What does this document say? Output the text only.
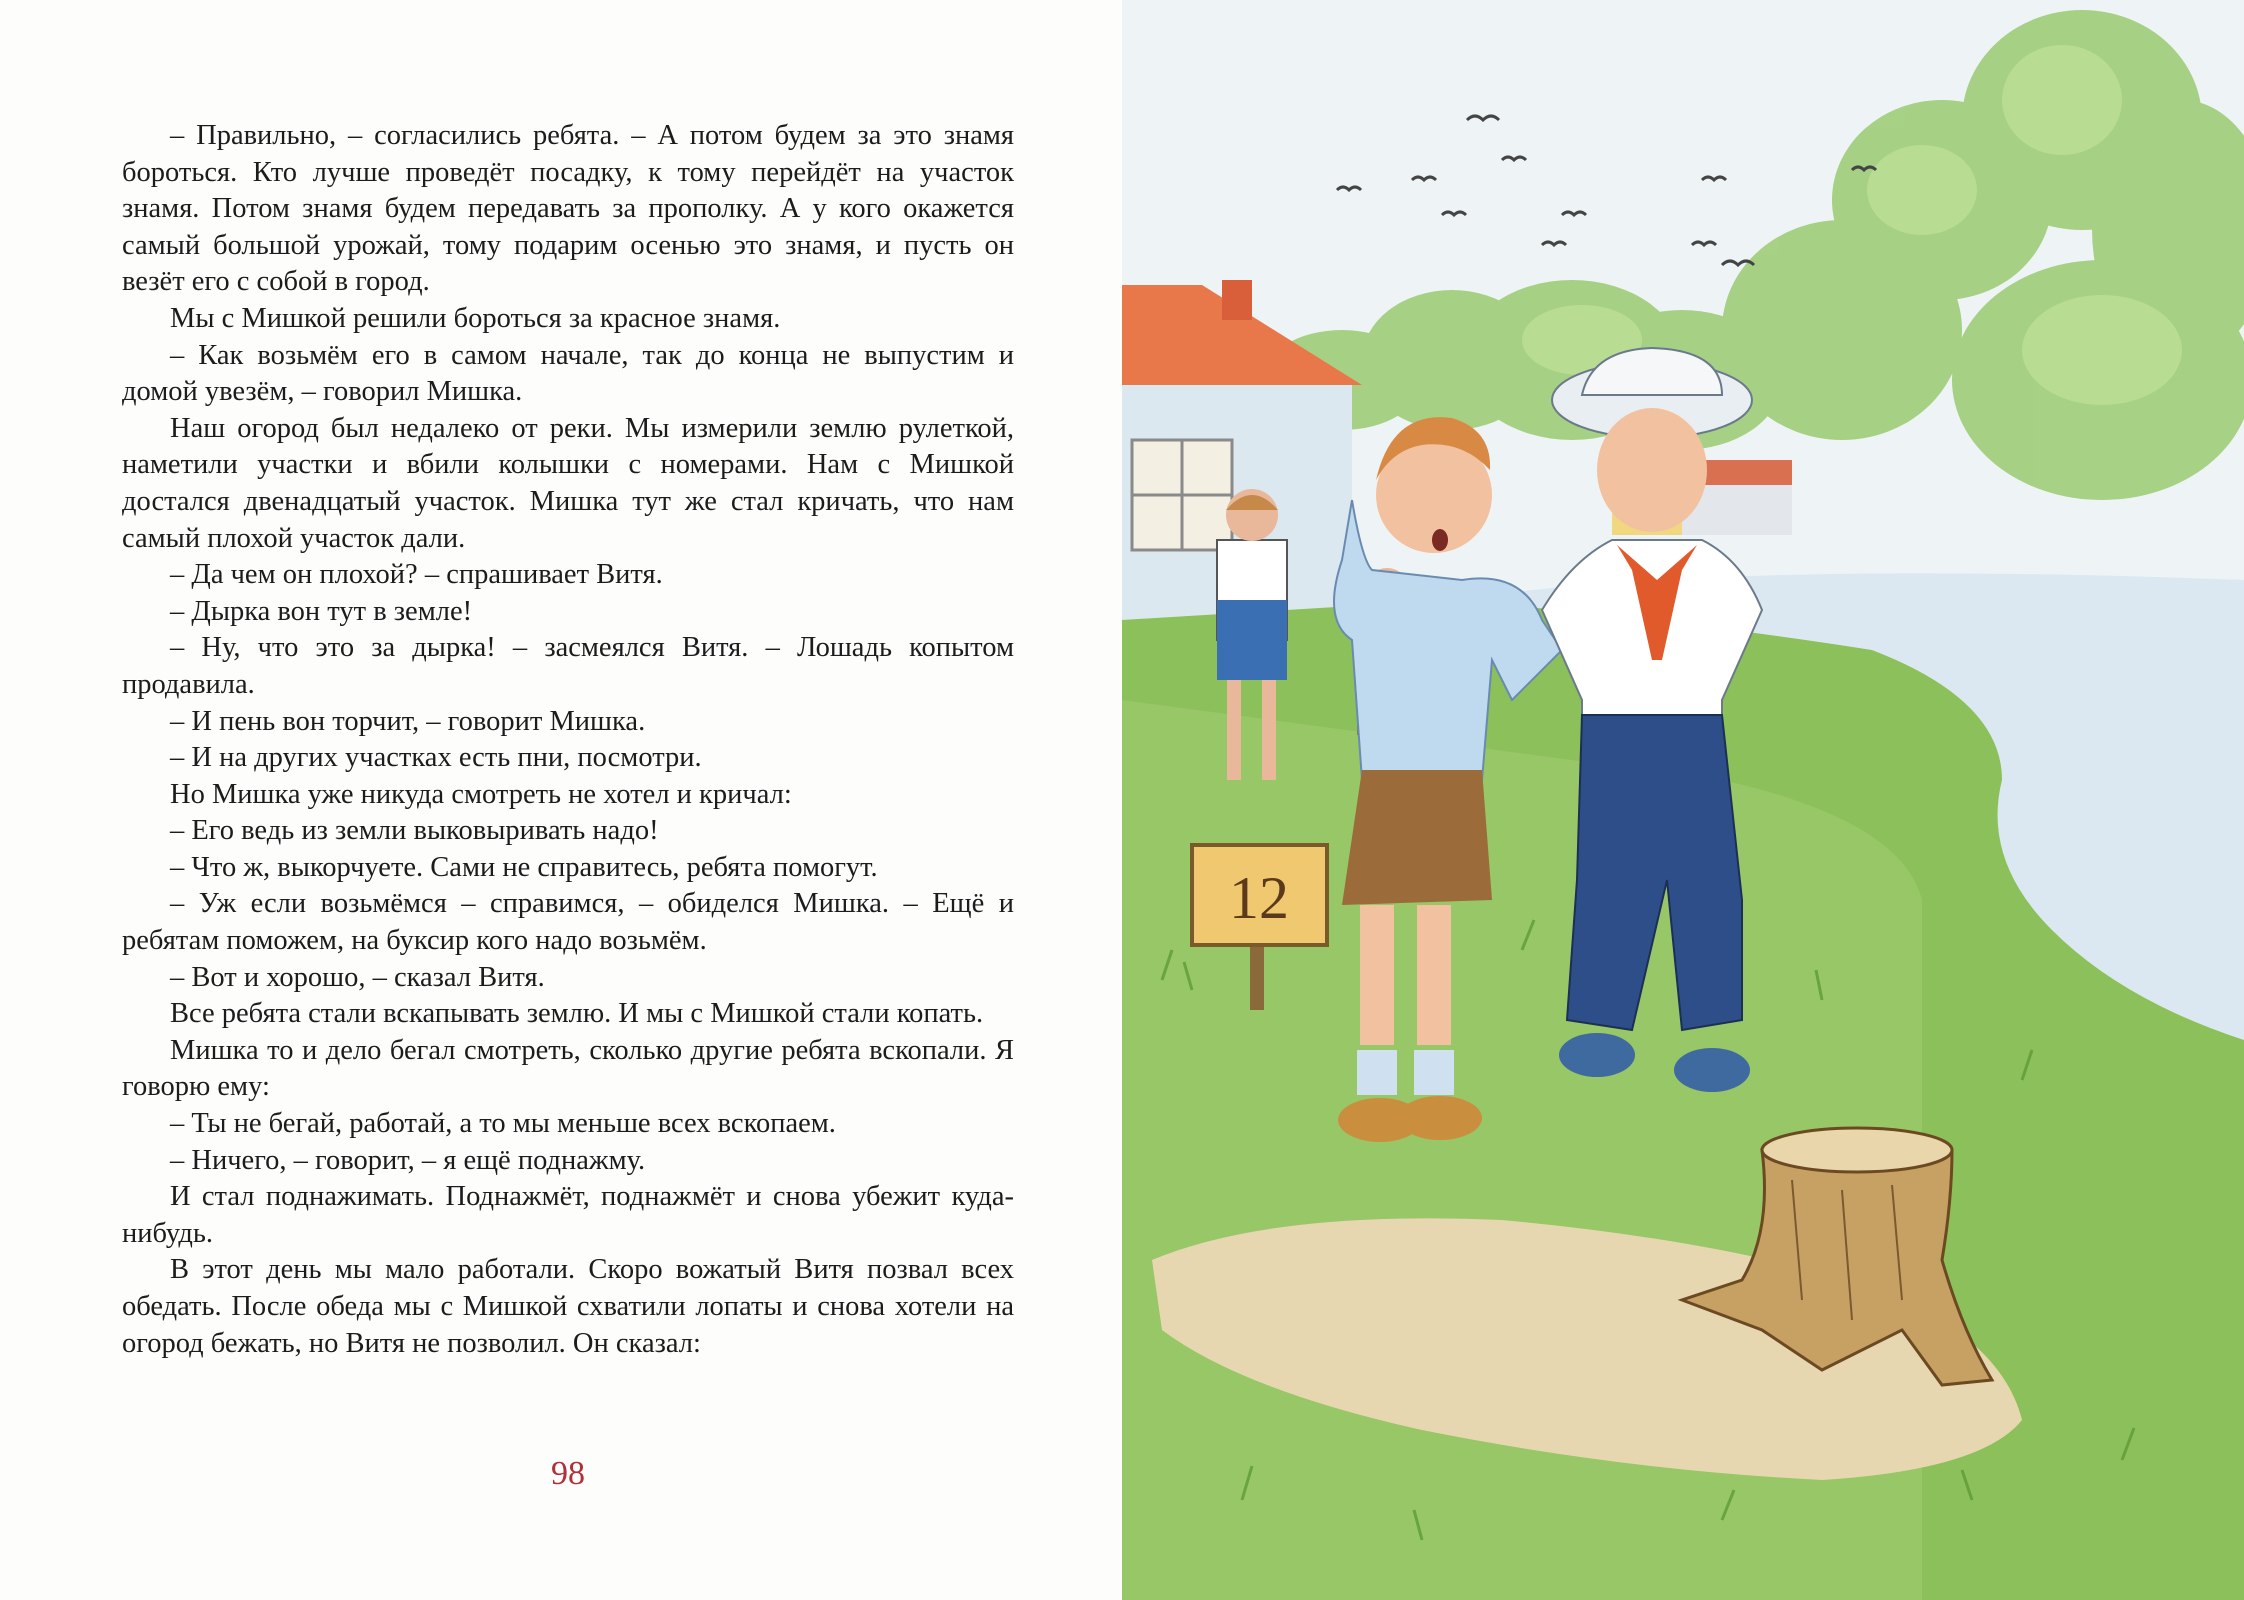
– Правильно, – согласились ребята. – А потом будем за это знамя бороться. Кто лучше проведёт посадку, к тому перейдёт на участок знамя. Потом знамя будем передавать за прополку. А у кого окажется самый большой урожай, тому подарим осенью это знамя, и пусть он везёт его с собой в город.

Мы с Мишкой решили бороться за красное знамя.

– Как возьмём его в самом начале, так до конца не выпустим и домой увезём, – говорил Мишка.

Наш огород был недалеко от реки. Мы измерили землю рулеткой, наметили участки и вбили колышки с номерами. Нам с Мишкой достался двенадцатый участок. Мишка тут же стал кричать, что нам самый плохой участок дали.

– Да чем он плохой? – спрашивает Витя.

– Дырка вон тут в земле!

– Ну, что это за дырка! – засмеялся Витя. – Лошадь копытом продавила.

– И пень вон торчит, – говорит Мишка.

– И на других участках есть пни, посмотри.

Но Мишка уже никуда смотреть не хотел и кричал:

– Его ведь из земли выковыривать надо!

– Что ж, выкорчуете. Сами не справитесь, ребята помогут.

– Уж если возьмёмся – справимся, – обиделся Мишка. – Ещё и ребятам поможем, на буксир кого надо возьмём.

– Вот и хорошо, – сказал Витя.

Все ребята стали вскапывать землю. И мы с Мишкой стали копать.

Мишка то и дело бегал смотреть, сколько другие ребята вскопали. Я говорю ему:

– Ты не бегай, работай, а то мы меньше всех вскопаем.

– Ничего, – говорит, – я ещё поднажму.

И стал поднажимать. Поднажмёт, поднажмёт и снова убежит куда-нибудь.

В этот день мы мало работали. Скоро вожатый Витя позвал всех обедать. После обеда мы с Мишкой схватили лопаты и снова хотели на огород бежать, но Витя не позволил. Он сказал:

98
12
